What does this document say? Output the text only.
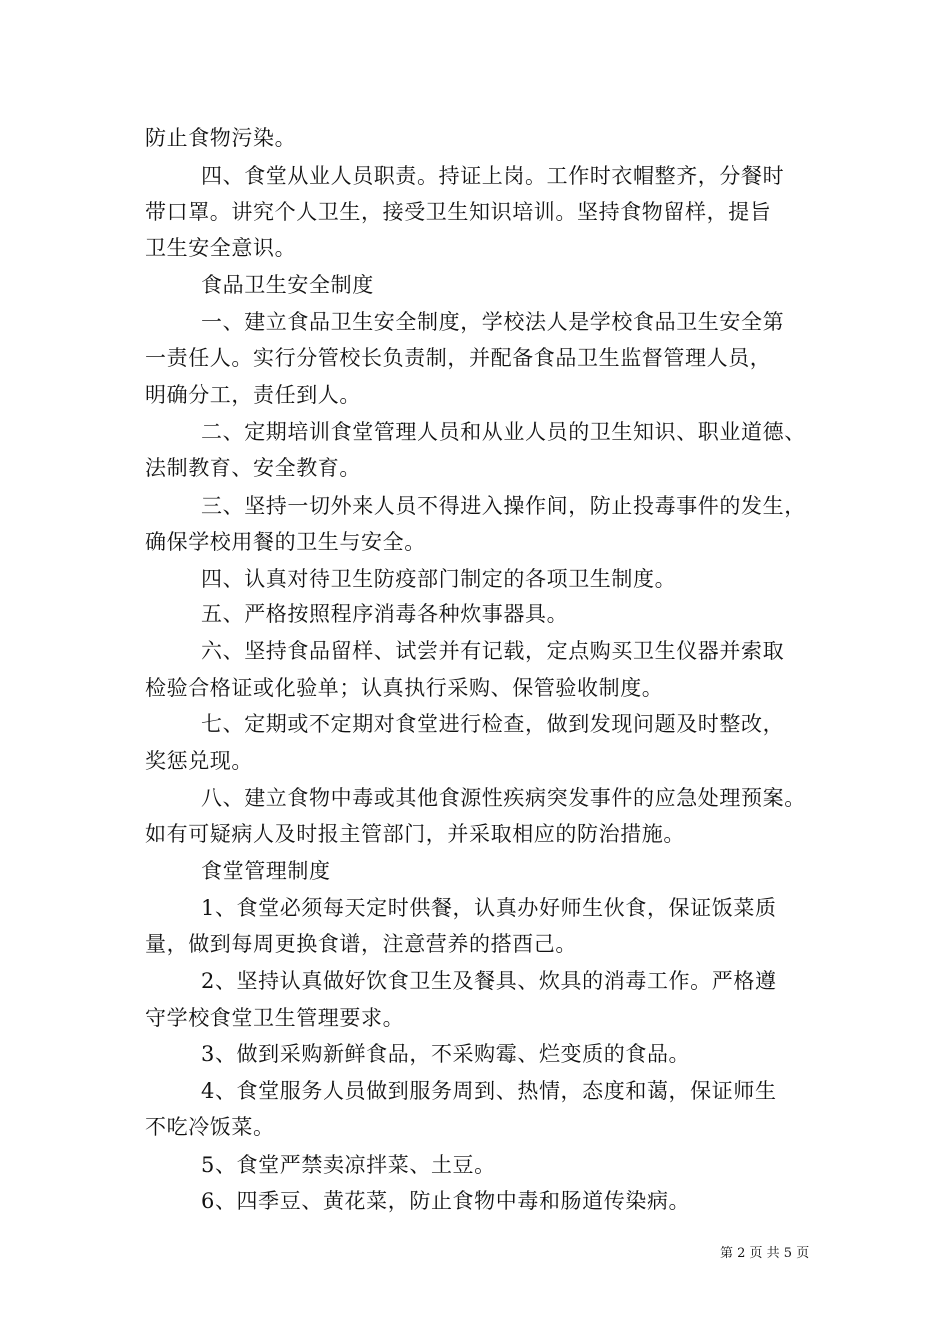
防止食物污染。
四、食堂从业人员职责。持证上岗。工作时衣帽整齐，分餐时
带口罩。讲究个人卫生，接受卫生知识培训。坚持食物留样，提旨
卫生安全意识。
食品卫生安全制度
一、建立食品卫生安全制度，学校法人是学校食品卫生安全第
一责任人。实行分管校长负责制，并配备食品卫生监督管理人员，
明确分工，责任到人。
二、定期培训食堂管理人员和从业人员的卫生知识、职业道德、
法制教育、安全教育。
三、坚持一切外来人员不得进入操作间，防止投毒事件的发生，
确保学校用餐的卫生与安全。
四、认真对待卫生防疫部门制定的各项卫生制度。
五、严格按照程序消毒各种炊事器具。
六、坚持食品留样、试尝并有记载，定点购买卫生仪器并索取
检验合格证或化验单；认真执行采购、保管验收制度。
七、定期或不定期对食堂进行检查，做到发现问题及时整改，
奖惩兑现。
八、建立食物中毒或其他食源性疾病突发事件的应急处理预案。
如有可疑病人及时报主管部门，并采取相应的防治措施。
食堂管理制度
1、食堂必须每天定时供餐，认真办好师生伙食，保证饭菜质
量，做到每周更换食谱，注意营养的搭酉己。
2、坚持认真做好饮食卫生及餐具、炊具的消毒工作。严格遵
守学校食堂卫生管理要求。
3、做到采购新鲜食品，不采购霉、烂变质的食品。
4、食堂服务人员做到服务周到、热情，态度和蔼，保证师生
不吃冷饭菜。
5、食堂严禁卖凉拌菜、土豆。
6、四季豆、黄花菜，防止食物中毒和肠道传染病。
第 2 页 共 5 页
